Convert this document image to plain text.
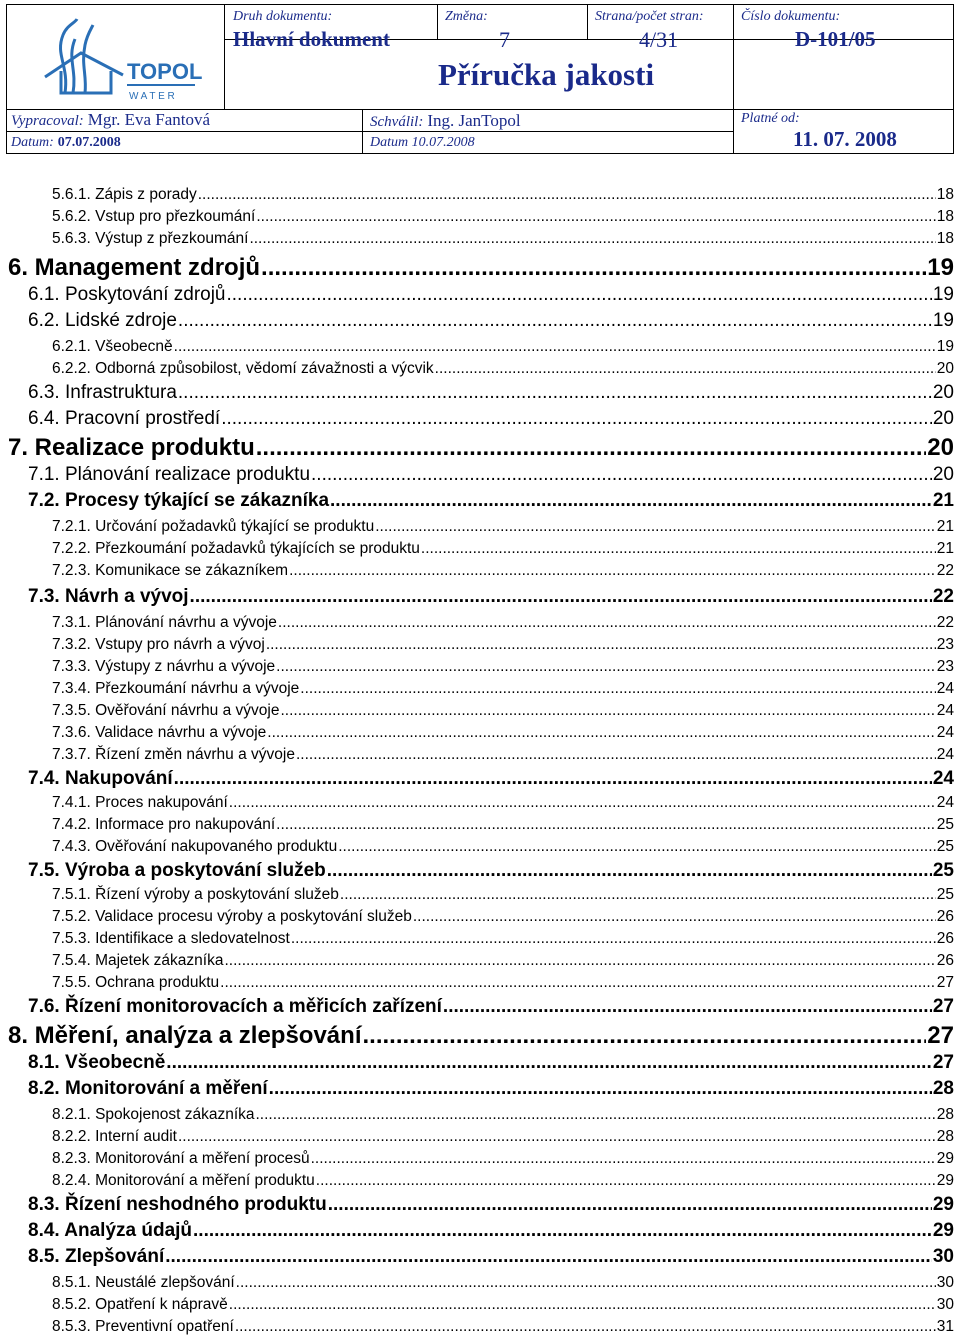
TOPOL
W A T E R
Druh dokumentu:
Hlavní dokument
Změna:
7
Strana/počet stran:
4/31
Číslo dokumentu:
D-101/05
Příručka jakosti
Vypracoval: Mgr. Eva Fantová
Datum: 07.07.2008
Schválil: Ing. JanTopol
Datum 10.07.2008
Platné od:
11. 07. 2008
5.6.1. Zápis z porady .....	18
5.6.2. Vstup pro přezkoumání .....	18
5.6.3. Výstup z přezkoumání .....	18
6. Management zdrojů .....	19
6.1. Poskytování zdrojů .....	19
6.2. Lidské zdroje .....	19
6.2.1. Všeobecně .....	19
6.2.2. Odborná způsobilost, vědomí závažnosti a výcvik .....	20
6.3. Infrastruktura .....	20
6.4. Pracovní prostředí .....	20
7. Realizace produktu .....	20
7.1. Plánování realizace produktu .....	20
7.2. Procesy týkající se zákazníka .....	21
7.2.1. Určování požadavků týkající se produktu .....	21
7.2.2. Přezkoumání požadavků týkajících se produktu .....	21
7.2.3. Komunikace se zákazníkem .....	22
7.3. Návrh a vývoj .....	22
7.3.1. Plánování návrhu a vývoje .....	22
7.3.2. Vstupy pro návrh a vývoj .....	23
7.3.3. Výstupy z návrhu a vývoje .....	23
7.3.4. Přezkoumání návrhu a vývoje .....	24
7.3.5. Ověřování návrhu a vývoje .....	24
7.3.6. Validace návrhu a vývoje .....	24
7.3.7. Řízení změn návrhu a vývoje .....	24
7.4. Nakupování .....	24
7.4.1. Proces nakupování .....	24
7.4.2. Informace pro nakupování .....	25
7.4.3. Ověřování nakupovaného produktu .....	25
7.5. Výroba a poskytování služeb .....	25
7.5.1. Řízení výroby a poskytování služeb .....	25
7.5.2. Validace procesu výroby a poskytování služeb .....	26
7.5.3. Identifikace a sledovatelnost .....	26
7.5.4. Majetek zákazníka .....	26
7.5.5. Ochrana produktu .....	27
7.6. Řízení monitorovacích a měřicích zařízení .....	27
8. Měření, analýza a zlepšování .....	27
8.1. Všeobecně .....	27
8.2. Monitorování a měření .....	28
8.2.1. Spokojenost zákazníka .....	28
8.2.2. Interní audit .....	28
8.2.3. Monitorování a měření procesů .....	29
8.2.4. Monitorování a měření produktu .....	29
8.3. Řízení neshodného produktu .....	29
8.4. Analýza údajů .....	29
8.5. Zlepšování .....	30
8.5.1. Neustálé zlepšování .....	30
8.5.2. Opatření k nápravě .....	30
8.5.3. Preventivní opatření .....	31
